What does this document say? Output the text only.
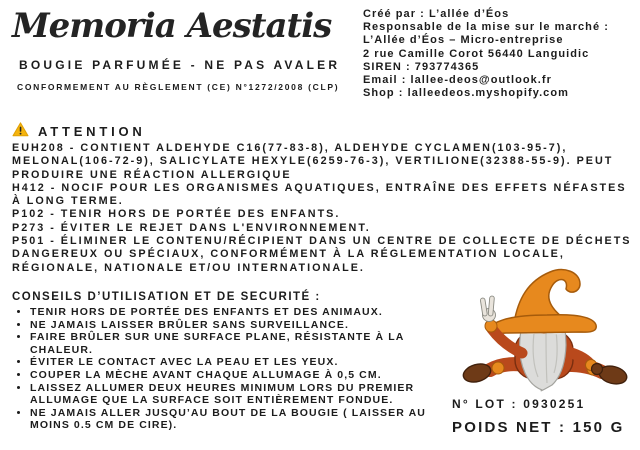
Memoria Aestatis
BOUGIE PARFUMÉE - NE PAS AVALER
CONFORMEMENT AU RÈGLEMENT (CE) N°1272/2008 (CLP)
Créé par : L’allée d’Éos
Responsable de la mise sur le marché :
L’Allée d’Éos – Micro-entreprise
2 rue Camille Corot 56440 Languidic
SIREN : 793774365
Email : lallee-deos@outlook.fr
Shop : lalleedeos.myshopify.com
ATTENTION

EUH208 - CONTIENT ALDEHYDE C16(77-83-8), ALDEHYDE CYCLAMEN(103-95-7), MELONAL(106-72-9), SALICYLATE HEXYLE(6259-76-3), VERTILIONE(32388-55-9). PEUT PRODUIRE UNE RÉACTION ALLERGIQUE

H412 - NOCIF POUR LES ORGANISMES AQUATIQUES, ENTRAÎNE DES EFFETS NÉFASTES À LONG TERME.

P102 - TENIR HORS DE PORTÉE DES ENFANTS.

P273 - ÉVITER LE REJET DANS L'ENVIRONNEMENT.

P501 - ÉLIMINER LE CONTENU/RÉCIPIENT DANS UN CENTRE DE COLLECTE DE DÉCHETS DANGEREUX OU SPÉCIAUX, CONFORMÉMENT À LA RÉGLEMENTATION LOCALE, RÉGIONALE, NATIONALE ET/OU INTERNATIONALE.

CONSEILS D’UTILISATION ET DE SECURITÉ :
• TENIR HORS DE PORTÉE DES ENFANTS ET DES ANIMAUX.
• NE JAMAIS LAISSER BRÛLER SANS SURVEILLANCE.
• FAIRE BRÛLER SUR UNE SURFACE PLANE, RÉSISTANTE À LA CHALEUR.
• ÉVITER LE CONTACT AVEC LA PEAU ET LES YEUX.
• COUPER LA MÈCHE AVANT CHAQUE ALLUMAGE À 0,5 CM.
• LAISSEZ ALLUMER DEUX HEURES MINIMUM LORS DU PREMIER ALLUMAGE QUE LA SURFACE SOIT ENTIÈREMENT FONDUE.
• NE JAMAIS ALLER JUSQU’AU BOUT DE LA BOUGIE ( LAISSER AU MOINS 0.5 CM DE CIRE).
N° LOT : 0930251
POIDS NET : 150 G
